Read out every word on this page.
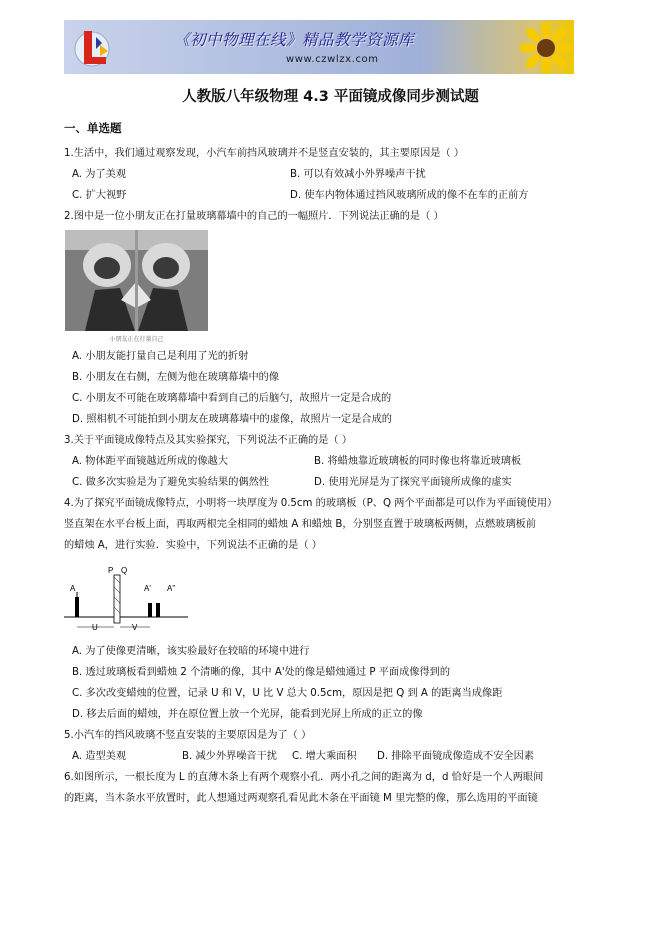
《初中物理在线》精品教学资源库
www.czwlzx.com
人教版八年级物理 4.3 平面镜成像同步测试题
一、单选题
1.生活中，我们通过观察发现，小汽车前挡风玻璃并不是竖直安装的，其主要原因是（ ）
A. 为了美观	B. 可以有效减小外界噪声干扰
C. 扩大视野	D. 使车内物体通过挡风玻璃所成的像不在车的正前方
2.图中是一位小朋友正在打量玻璃幕墙中的自己的一幅照片．下列说法正确的是（ ）
小朋友正在打量自己
A. 小朋友能打量自己是利用了光的折射
B. 小朋友在右侧，左侧为他在玻璃幕墙中的像
C. 小朋友不可能在玻璃幕墙中看到自己的后脑勺，故照片一定是合成的
D. 照相机不可能拍到小朋友在玻璃幕墙中的虚像，故照片一定是合成的
3.关于平面镜成像特点及其实验探究，下列说法不正确的是（ ）
A. 物体距平面镜越近所成的像越大	B. 将蜡烛靠近玻璃板的同时像也将靠近玻璃板
C. 做多次实验是为了避免实验结果的偶然性	D. 使用光屏是为了探究平面镜所成像的虚实
4.为了探究平面镜成像特点，小明将一块厚度为 0.5cm 的玻璃板（P、Q 两个平面都是可以作为平面镜使用）
竖直架在水平台板上面，再取两根完全相同的蜡烛 A 和蜡烛 B，分别竖直置于玻璃板两侧，点燃玻璃板前
的蜡烛 A，进行实验．实验中，下列说法不正确的是（ ）
A
P Q
A' A"
U	V
A. 为了使像更清晰，该实验最好在较暗的环境中进行
B. 透过玻璃板看到蜡烛 2 个清晰的像，其中 A'处的像是蜡烛通过 P 平面成像得到的
C. 多次改变蜡烛的位置，记录 U 和 V，U 比 V 总大 0.5cm，原因是把 Q 到 A 的距离当成像距
D. 移去后面的蜡烛，并在原位置上放一个光屏，能看到光屏上所成的正立的像
5.小汽车的挡风玻璃不竖直安装的主要原因是为了（ ）
A. 造型美观	B. 减少外界噪音干扰 C. 增大乘面积 D. 排除平面镜成像造成不安全因素
6.如图所示，一根长度为 L 的直薄木条上有两个观察小孔．两小孔之间的距离为 d，d 恰好是一个人两眼间
的距离，当木条水平放置时，此人想通过两观察孔看见此木条在平面镜 M 里完整的像，那么选用的平面镜
